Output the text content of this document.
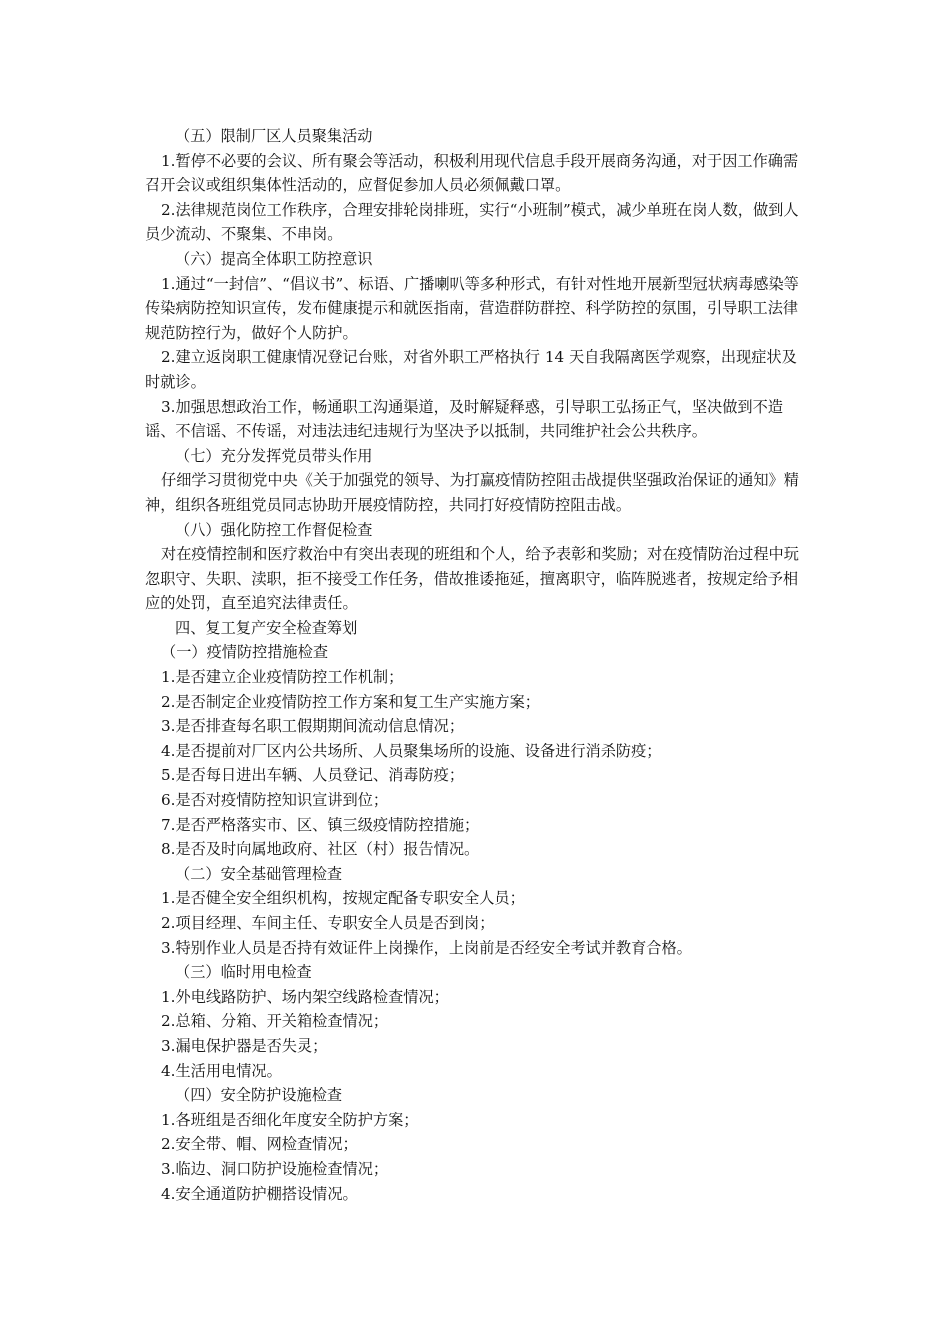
（五）限制厂区人员聚集活动

1.暂停不必要的会议、所有聚会等活动，积极利用现代信息手段开展商务沟通，对于因工作确需召开会议或组织集体性活动的，应督促参加人员必须佩戴口罩。

2.法律规范岗位工作秩序，合理安排轮岗排班，实行“小班制”模式，减少单班在岗人数，做到人员少流动、不聚集、不串岗。

（六）提高全体职工防控意识

1.通过“一封信”、“倡议书”、标语、广播喇叭等多种形式，有针对性地开展新型冠状病毒感染等传染病防控知识宣传，发布健康提示和就医指南，营造群防群控、科学防控的氛围，引导职工法律规范防控行为，做好个人防护。

2.建立返岗职工健康情况登记台账，对省外职工严格执行 14 天自我隔离医学观察，出现症状及时就诊。

3.加强思想政治工作，畅通职工沟通渠道，及时解疑释惑，引导职工弘扬正气，坚决做到不造谣、不信谣、不传谣，对违法违纪违规行为坚决予以抵制，共同维护社会公共秩序。

（七）充分发挥党员带头作用

仔细学习贯彻党中央《关于加强党的领导、为打赢疫情防控阻击战提供坚强政治保证的通知》精神，组织各班组党员同志协助开展疫情防控，共同打好疫情防控阻击战。

（八）强化防控工作督促检查

对在疫情控制和医疗救治中有突出表现的班组和个人，给予表彰和奖励；对在疫情防治过程中玩忽职守、失职、渎职，拒不接受工作任务，借故推诿拖延，擅离职守，临阵脱逃者，按规定给予相应的处罚，直至追究法律责任。

四、复工复产安全检查筹划

（一）疫情防控措施检查

1.是否建立企业疫情防控工作机制；

2.是否制定企业疫情防控工作方案和复工生产实施方案；

3.是否排查每名职工假期期间流动信息情况；

4.是否提前对厂区内公共场所、人员聚集场所的设施、设备进行消杀防疫；

5.是否每日进出车辆、人员登记、消毒防疫；

6.是否对疫情防控知识宣讲到位；

7.是否严格落实市、区、镇三级疫情防控措施；

8.是否及时向属地政府、社区（村）报告情况。

（二）安全基础管理检查

1.是否健全安全组织机构，按规定配备专职安全人员；

2.项目经理、车间主任、专职安全人员是否到岗；

3.特别作业人员是否持有效证件上岗操作，上岗前是否经安全考试并教育合格。

（三）临时用电检查

1.外电线路防护、场内架空线路检查情况；

2.总箱、分箱、开关箱检查情况；

3.漏电保护器是否失灵；

4.生活用电情况。

（四）安全防护设施检查

1.各班组是否细化年度安全防护方案；

2.安全带、帽、网检查情况；

3.临边、洞口防护设施检查情况；

4.安全通道防护棚搭设情况。
